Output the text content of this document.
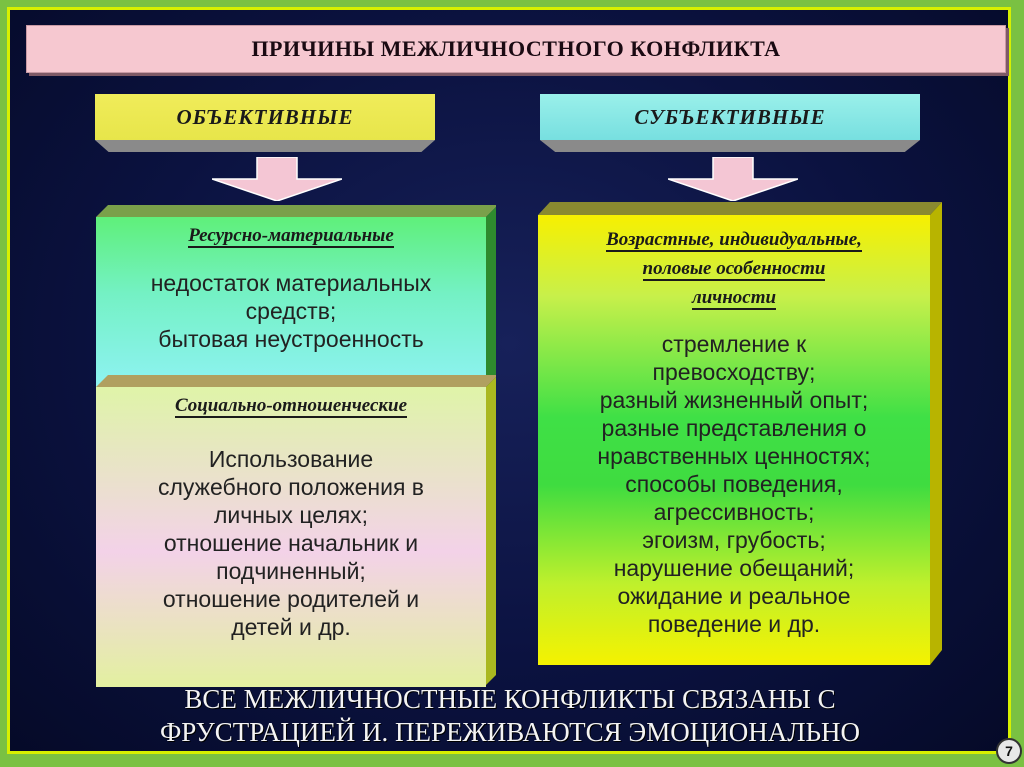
ПРИЧИНЫ МЕЖЛИЧНОСТНОГО КОНФЛИКТА
ОБЪЕКТИВНЫЕ	СУБЪЕКТИВНЫЕ
Ресурсно-материальные
недостаток материальных
средств;
бытовая неустроенность
Социально-отношенческие
Использование
служебного положения в
личных целях;
отношение начальник и
подчиненный;
отношение родителей и
детей и др.
Возрастные, индивидуальные,
половые особенности
личности
стремление к
превосходству;
разный жизненный опыт;
разные представления о
нравственных ценностях;
способы поведения,
агрессивность;
эгоизм, грубость;
нарушение обещаний;
ожидание и реальное
поведение и др.
ВСЕ МЕЖЛИЧНОСТНЫЕ КОНФЛИКТЫ СВЯЗАНЫ С
ФРУСТРАЦИЕЙ И. ПЕРЕЖИВАЮТСЯ ЭМОЦИОНАЛЬНО
7
